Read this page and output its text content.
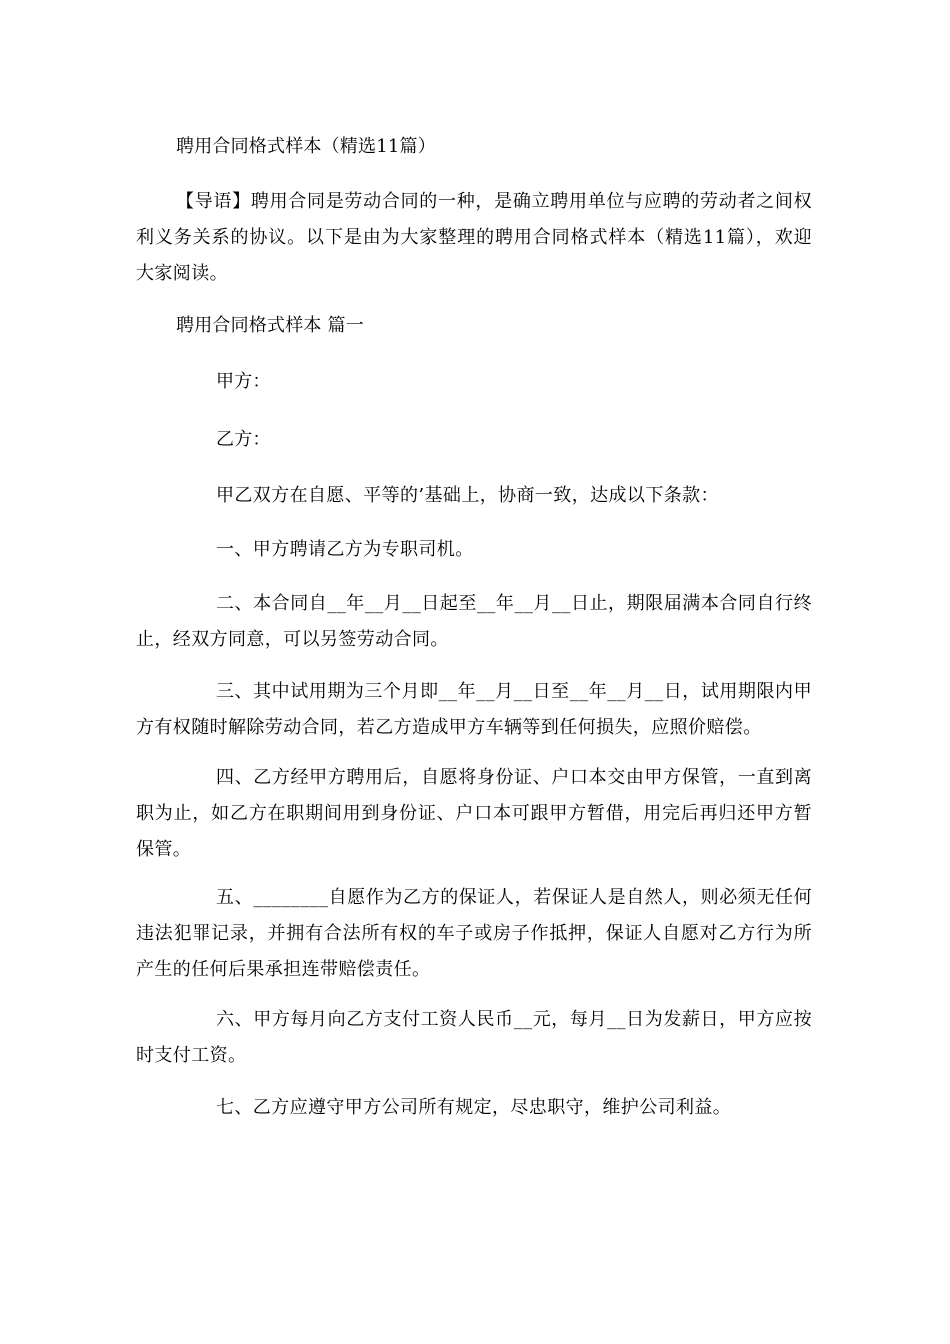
聘用合同格式样本（精选11篇）
【导语】聘用合同是劳动合同的一种，是确立聘用单位与应聘的劳动者之间权利义务关系的协议。以下是由为大家整理的聘用合同格式样本（精选11篇），欢迎大家阅读。
聘用合同格式样本 篇一
甲方：
乙方：
甲乙双方在自愿、平等的’基础上，协商一致，达成以下条款：
一、甲方聘请乙方为专职司机。
二、本合同自__年__月__日起至__年__月__日止，期限届满本合同自行终止，经双方同意，可以另签劳动合同。
三、其中试用期为三个月即__年__月__日至__年__月__日，试用期限内甲方有权随时解除劳动合同，若乙方造成甲方车辆等到任何损失，应照价赔偿。
四、乙方经甲方聘用后，自愿将身份证、户口本交由甲方保管，一直到离职为止，如乙方在职期间用到身份证、户口本可跟甲方暂借，用完后再归还甲方暂保管。
五、________自愿作为乙方的保证人，若保证人是自然人，则必须无任何违法犯罪记录，并拥有合法所有权的车子或房子作抵押，保证人自愿对乙方行为所产生的任何后果承担连带赔偿责任。
六、甲方每月向乙方支付工资人民币__元，每月__日为发薪日，甲方应按时支付工资。
七、乙方应遵守甲方公司所有规定，尽忠职守，维护公司利益。
